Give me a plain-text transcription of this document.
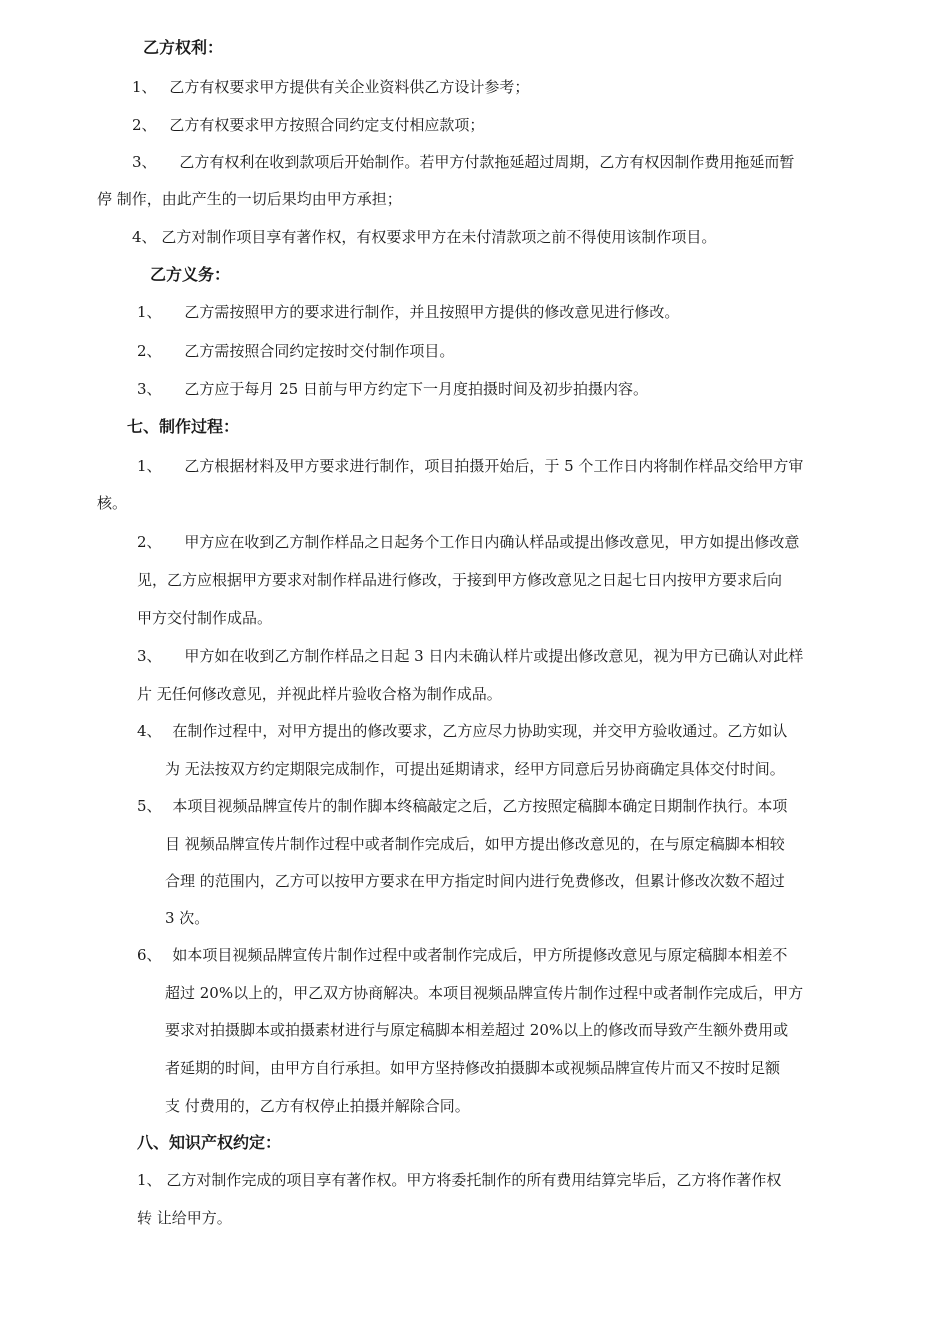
乙方权利：
1、 乙方有权要求甲方提供有关企业资料供乙方设计参考；
2、 乙方有权要求甲方按照合同约定支付相应款项；
3、 乙方有权利在收到款项后开始制作。若甲方付款拖延超过周期，乙方有权因制作费用拖延而暂
停 制作，由此产生的一切后果均由甲方承担；
4、 乙方对制作项目享有著作权，有权要求甲方在未付清款项之前不得使用该制作项目。
乙方义务：
1、 乙方需按照甲方的要求进行制作，并且按照甲方提供的修改意见进行修改。
2、 乙方需按照合同约定按时交付制作项目。
3、 乙方应于每月 25 日前与甲方约定下一月度拍摄时间及初步拍摄内容。
七、制作过程：
1、 乙方根据材料及甲方要求进行制作，项目拍摄开始后，于 5 个工作日内将制作样品交给甲方审
核。
2、 甲方应在收到乙方制作样品之日起务个工作日内确认样品或提出修改意见，甲方如提出修改意
见，乙方应根据甲方要求对制作样品进行修改，于接到甲方修改意见之日起七日内按甲方要求后向
甲方交付制作成品。
3、 甲方如在收到乙方制作样品之日起 3 日内未确认样片或提出修改意见，视为甲方已确认对此样
片 无任何修改意见，并视此样片验收合格为制作成品。
4、 在制作过程中，对甲方提出的修改要求，乙方应尽力协助实现，并交甲方验收通过。乙方如认
为 无法按双方约定期限完成制作，可提出延期请求，经甲方同意后另协商确定具体交付时间。
5、 本项目视频品牌宣传片的制作脚本终稿敲定之后，乙方按照定稿脚本确定日期制作执行。本项
目 视频品牌宣传片制作过程中或者制作完成后，如甲方提出修改意见的，在与原定稿脚本相较
合理 的范围内，乙方可以按甲方要求在甲方指定时间内进行免费修改，但累计修改次数不超过
3 次。
6、 如本项目视频品牌宣传片制作过程中或者制作完成后，甲方所提修改意见与原定稿脚本相差不
超过 20%以上的，甲乙双方协商解决。本项目视频品牌宣传片制作过程中或者制作完成后，甲方
要求对拍摄脚本或拍摄素材进行与原定稿脚本相差超过 20%以上的修改而导致产生额外费用或
者延期的时间，由甲方自行承担。如甲方坚持修改拍摄脚本或视频品牌宣传片而又不按时足额
支 付费用的，乙方有权停止拍摄并解除合同。
八、知识产权约定：
1、 乙方对制作完成的项目享有著作权。甲方将委托制作的所有费用结算完毕后，乙方将作著作权
转 让给甲方。
